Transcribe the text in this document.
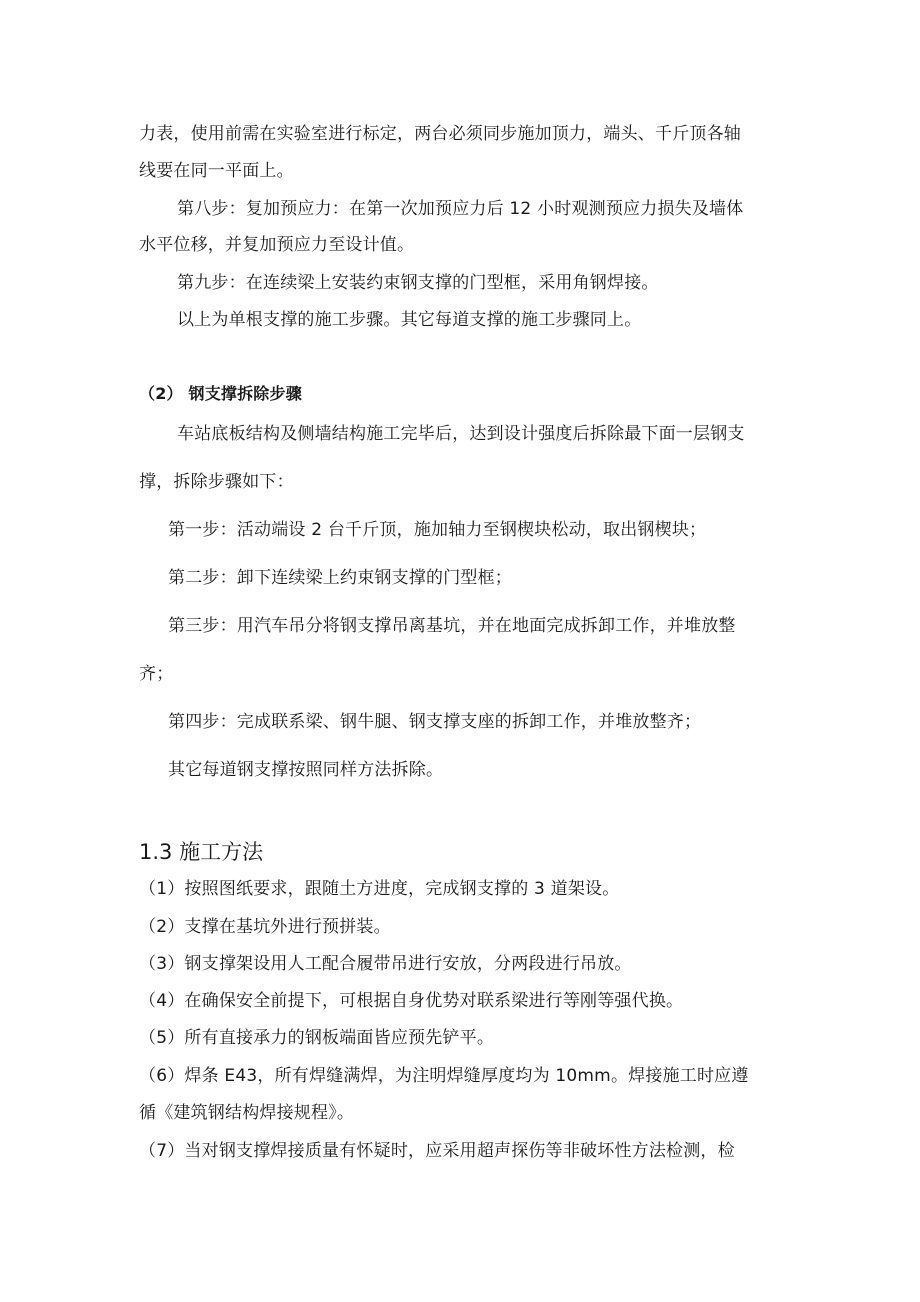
力表，使用前需在实验室进行标定，两台必须同步施加顶力，端头、千斤顶各轴
线要在同一平面上。
第八步：复加预应力：在第一次加预应力后 12 小时观测预应力损失及墙体
水平位移，并复加预应力至设计值。
第九步：在连续梁上安装约束钢支撑的门型框，采用角钢焊接。
以上为单根支撑的施工步骤。其它每道支撑的施工步骤同上。
（2） 钢支撑拆除步骤
车站底板结构及侧墙结构施工完毕后，达到设计强度后拆除最下面一层钢支
撑，拆除步骤如下：
第一步：活动端设 2 台千斤顶，施加轴力至钢楔块松动，取出钢楔块；
第二步：卸下连续梁上约束钢支撑的门型框；
第三步：用汽车吊分将钢支撑吊离基坑，并在地面完成拆卸工作，并堆放整
齐；
第四步：完成联系梁、钢牛腿、钢支撑支座的拆卸工作，并堆放整齐；
其它每道钢支撑按照同样方法拆除。
1.3 施工方法
（1）按照图纸要求，跟随土方进度，完成钢支撑的 3 道架设。
（2）支撑在基坑外进行预拼装。
（3）钢支撑架设用人工配合履带吊进行安放，分两段进行吊放。
（4）在确保安全前提下，可根据自身优势对联系梁进行等刚等强代换。
（5）所有直接承力的钢板端面皆应预先铲平。
（6）焊条 E43，所有焊缝满焊，为注明焊缝厚度均为 10mm。焊接施工时应遵
循《建筑钢结构焊接规程》。
（7）当对钢支撑焊接质量有怀疑时，应采用超声探伤等非破坏性方法检测，检
